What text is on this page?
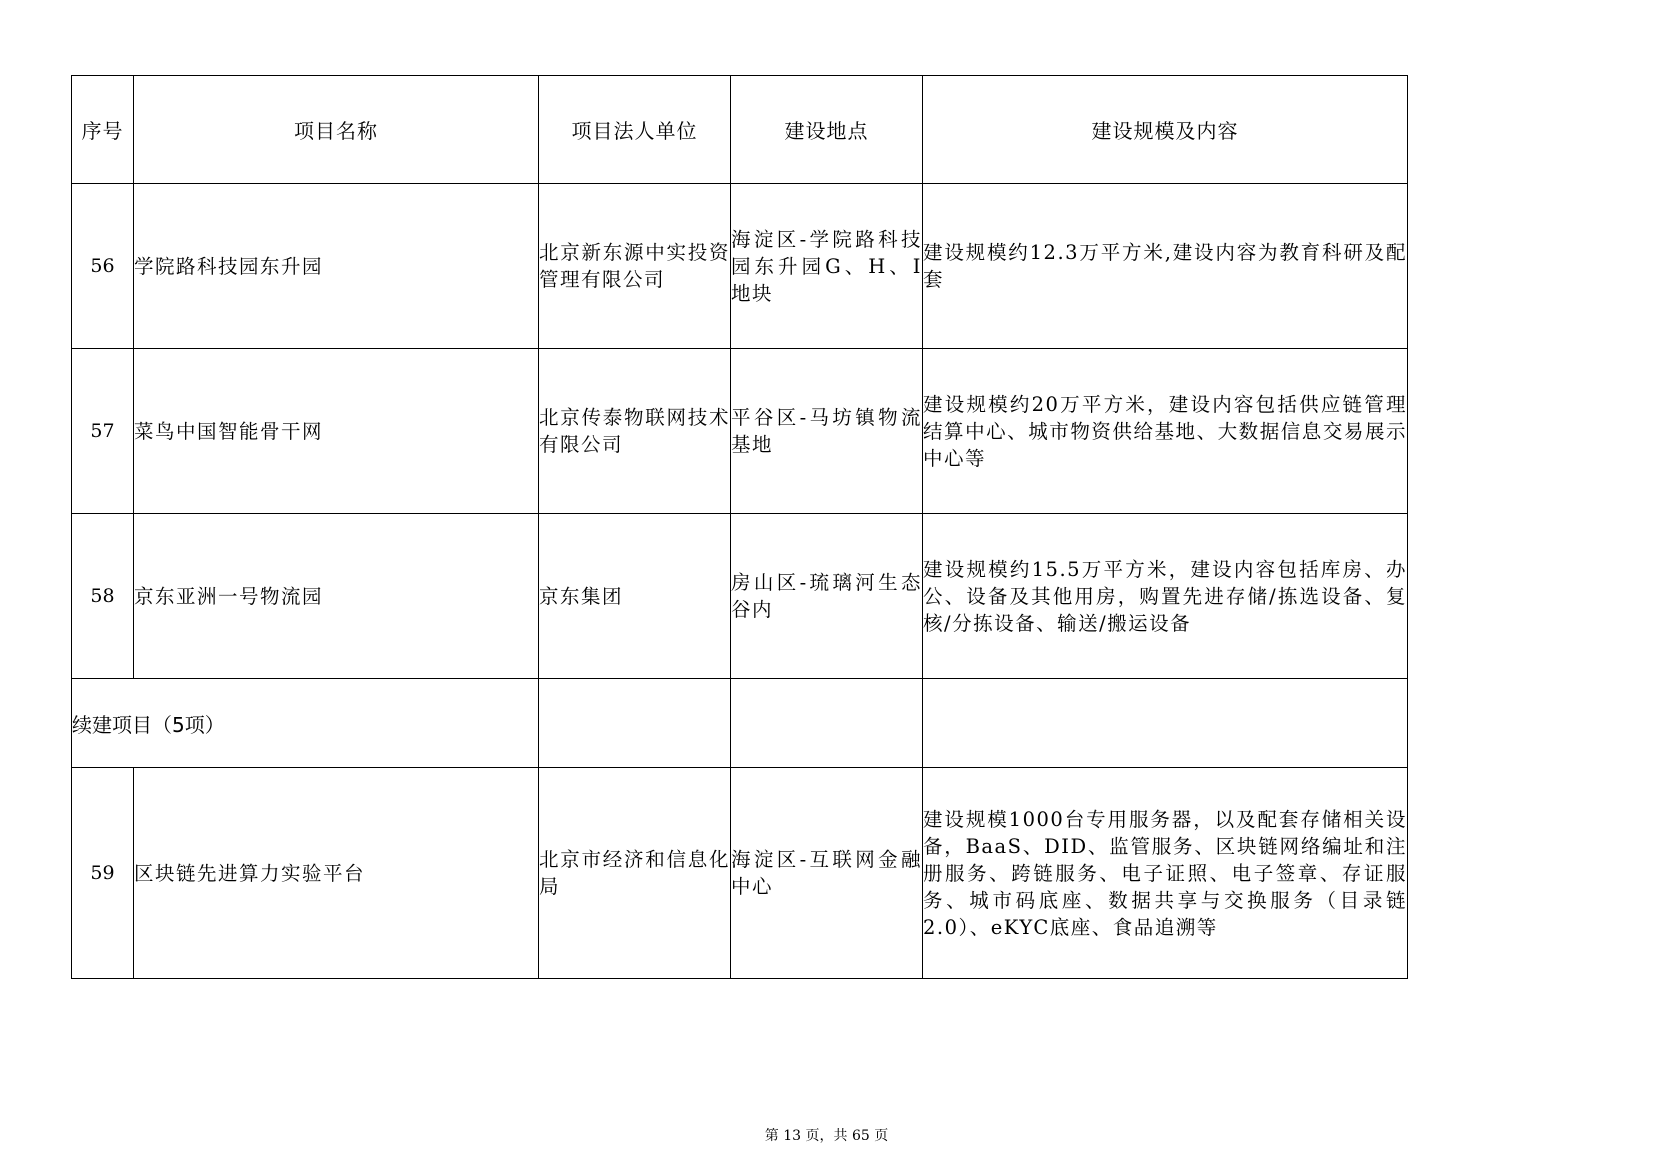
序号	项目名称	项目法人单位	建设地点	建设规模及内容
56	学院路科技园东升园	北京新东源中实投资管理有限公司	海淀区-学院路科技园东升园G、H、I地块	建设规模约12.3万平方米,建设内容为教育科研及配套
57	菜鸟中国智能骨干网	北京传泰物联网技术有限公司	平谷区-马坊镇物流基地	建设规模约20万平方米，建设内容包括供应链管理结算中心、城市物资供给基地、大数据信息交易展示中心等
58	京东亚洲一号物流园	京东集团	房山区-琉璃河生态谷内	建设规模约15.5万平方米，建设内容包括库房、办公、设备及其他用房，购置先进存储/拣选设备、复核/分拣设备、输送/搬运设备
续建项目（5项）				
59	区块链先进算力实验平台	北京市经济和信息化局	海淀区-互联网金融中心	建设规模1000台专用服务器，以及配套存储相关设备，BaaS、DID、监管服务、区块链网络编址和注册服务、跨链服务、电子证照、电子签章、存证服务、城市码底座、数据共享与交换服务（目录链2.0）、eKYC底座、食品追溯等
第 13 页，共 65 页
